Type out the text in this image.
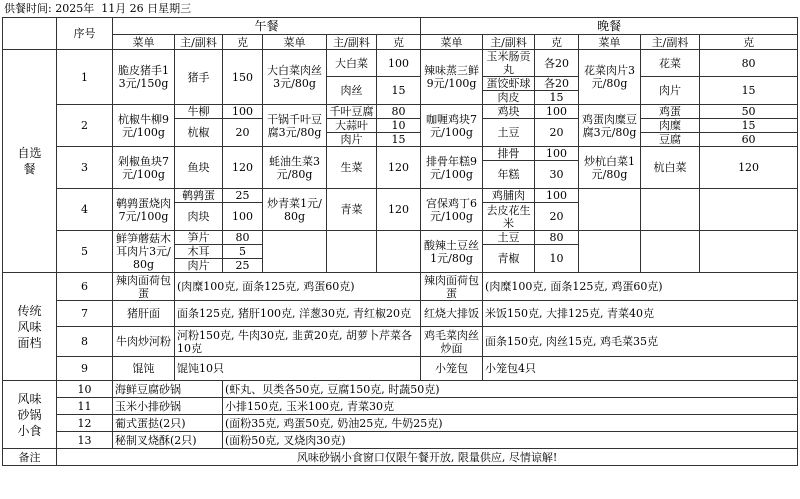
供餐时间: 2025年  11月 26 日星期三
	序号	午餐						晚餐						
		菜单	主/副料	克	菜单	主/副料	克	菜单	主/副料	克	菜单	主/副料	克	
自选餐	1	脆皮猪手13元/150g	猪手	150	大白菜肉丝3元/80g	大白菜	100	辣味蒸三鲜9元/100g	玉米肠贡丸	各20	花菜肉片3元/80g	花菜	80	
						肉丝	15		蛋饺虾球	各20		肉片	15	
									肉皮	15				
	2	杭椒牛柳9元/100g	牛柳	100	干锅千叶豆腐3元/80g	千叶豆腐	80	咖喱鸡块7元/100g	鸡块	100	鸡蛋肉糜豆腐3元/80g	鸡蛋	50	
			杭椒	20		大蒜叶	10		土豆	20		肉糜	15	
						肉片	15					豆腐	60	
	3	剁椒鱼块7元/100g	鱼块	120	蚝油生菜3元/80g	生菜	120	排骨年糕9元/100g	排骨	100	炒杭白菜1元/80g	杭白菜	120	
									年糕	30				

	4	鹌鹑蛋烧肉7元/100g	鹌鹑蛋	25	炒青菜1元/80g	青菜	120	宫保鸡丁6元/100g	鸡脯肉	100				
			肉块	100					去皮花生米	20				

	5	鲜笋蘑菇木耳肉片3元/80g	笋片	80				酸辣土豆丝1元/80g	土豆	80				
			木耳	5					青椒	10				
			肉片	25										
传统风味面档	6	辣肉面荷包蛋	(肉糜100克, 面条125克, 鸡蛋60克)					辣肉面荷包蛋	(肉糜100克, 面条125克, 鸡蛋60克)					
	7	猪肝面	面条125克, 猪肝100克, 洋葱30克, 青红椒20克					红烧大排饭	米饭150克, 大排125克, 青菜40克					
	8	牛肉炒河粉	河粉150克, 牛肉30克, 韭黄20克, 胡萝卜芹菜各10克					鸡毛菜肉丝炒面	面条150克, 肉丝15克, 鸡毛菜35克					
	9	馄饨	馄饨10只					小笼包	小笼包4只					
风味砂锅小食	10	海鲜豆腐砂锅		(虾丸、贝类各50克, 豆腐150克, 时蔬50克)										
	11	玉米小排砂锅		小排150克, 玉米100克, 青菜30克										
	12	葡式蛋挞(2只)		(面粉35克, 鸡蛋50克, 奶油25克, 牛奶25克)										
	13	秘制叉烧酥(2只)		(面粉50克, 叉烧肉30克)										
备注	风味砂锅小食窗口仅限午餐开放, 限量供应, 尽情谅解!													
